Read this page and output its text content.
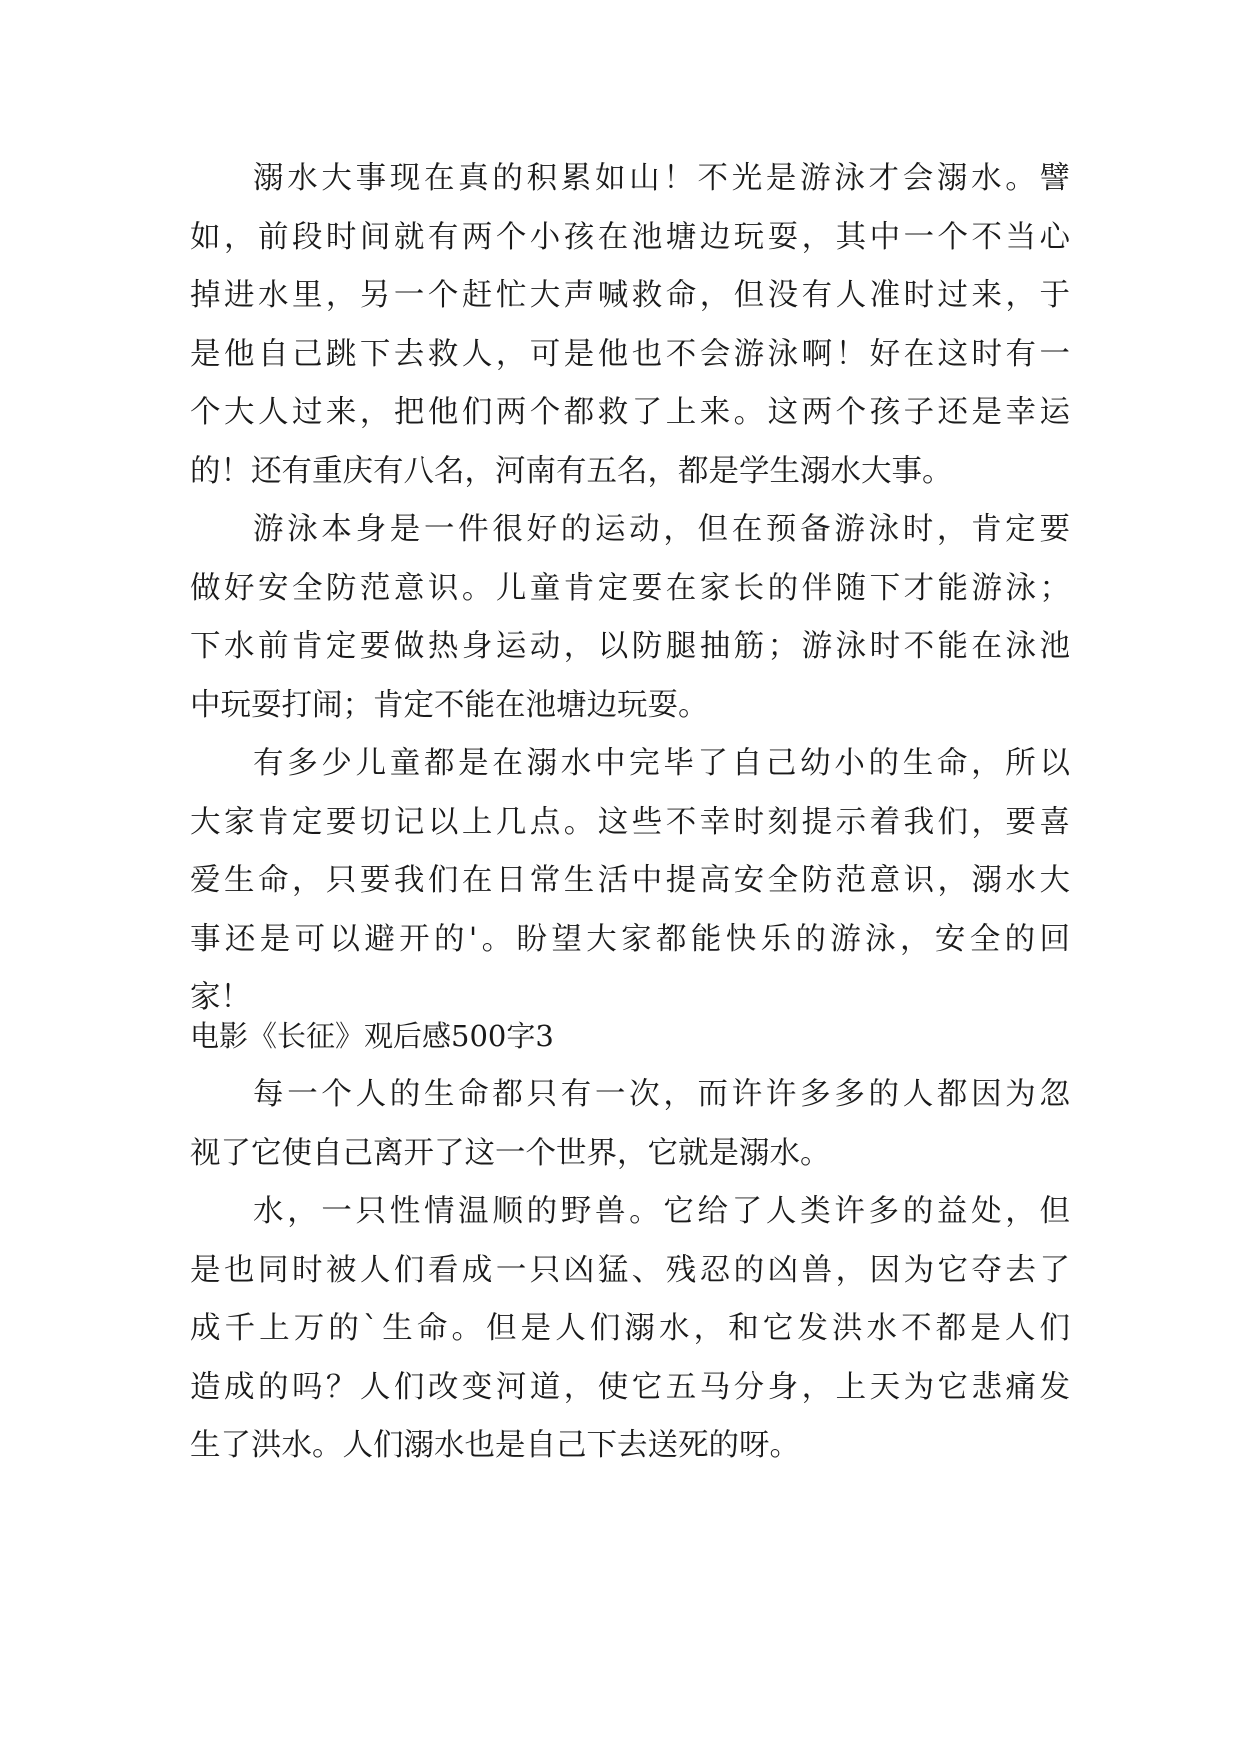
溺水大事现在真的积累如山！不光是游泳才会溺水。譬
如，前段时间就有两个小孩在池塘边玩耍，其中一个不当心
掉进水里，另一个赶忙大声喊救命，但没有人准时过来，于
是他自己跳下去救人，可是他也不会游泳啊！好在这时有一
个大人过来，把他们两个都救了上来。这两个孩子还是幸运
的！还有重庆有八名，河南有五名，都是学生溺水大事。
游泳本身是一件很好的运动，但在预备游泳时，肯定要
做好安全防范意识。儿童肯定要在家长的伴随下才能游泳；
下水前肯定要做热身运动，以防腿抽筋；游泳时不能在泳池
中玩耍打闹；肯定不能在池塘边玩耍。
有多少儿童都是在溺水中完毕了自己幼小的生命，所以
大家肯定要切记以上几点。这些不幸时刻提示着我们，要喜
爱生命，只要我们在日常生活中提高安全防范意识，溺水大
事还是可以避开的'。盼望大家都能快乐的游泳，安全的回
家！
电影《长征》观后感500字3
每一个人的生命都只有一次，而许许多多的人都因为忽
视了它使自己离开了这一个世界，它就是溺水。
水，一只性情温顺的野兽。它给了人类许多的益处，但
是也同时被人们看成一只凶猛、残忍的凶兽，因为它夺去了
成千上万的`生命。但是人们溺水，和它发洪水不都是人们
造成的吗？人们改变河道，使它五马分身，上天为它悲痛发
生了洪水。人们溺水也是自己下去送死的呀。
